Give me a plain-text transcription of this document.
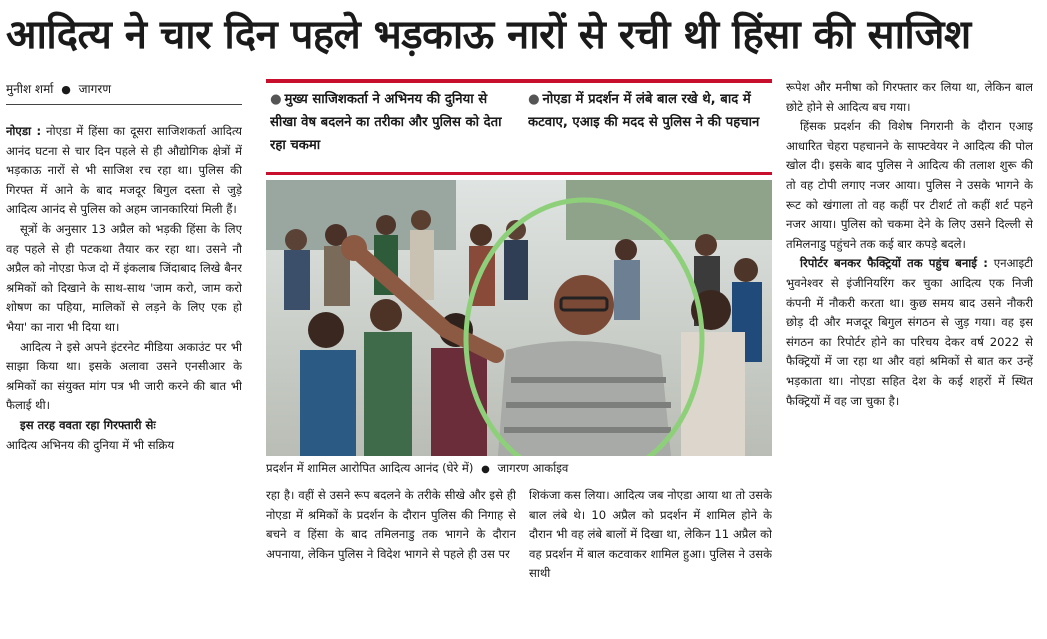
आदित्य ने चार दिन पहले भड़काऊ नारों से रची थी हिंसा की साजिश
मुनीश शर्मा ● जागरण

नोएडा : नोएडा में हिंसा का दूसरा साजिशकर्ता आदित्य आनंद घटना से चार दिन पहले से ही औद्योगिक क्षेत्रों में भड़काऊ नारों से भी साजिश रच रहा था। पुलिस की गिरफ्त में आने के बाद मजदूर बिगुल दस्ता से जुड़े आदित्य आनंद से पुलिस को अहम जानकारियां मिली हैं।

सूत्रों के अनुसार 13 अप्रैल को भड़की हिंसा के लिए वह पहले से ही पटकथा तैयार कर रहा था। उसने नौ अप्रैल को नोएडा फेज दो में इंकलाब जिंदाबाद लिखे बैनर श्रमिकों को दिखाने के साथ-साथ 'जाम करो, जाम करो शोषण का पहिया, मालिकों से लड़ने के लिए एक हो भैया' का नारा भी दिया था।

आदित्य ने इसे अपने इंटरनेट मीडिया अकाउंट पर भी साझा किया था। इसके अलावा उसने एनसीआर के श्रमिकों का संयुक्त मांग पत्र भी जारी करने की बात भी फैलाई थी।

इस तरह ववता रहा गिरफ्तारी सेः

आदित्य अभिनय की दुनिया में भी सक्रिय

● मुख्य साजिशकर्ता ने अभिनय की दुनिया से सीखा वेष बदलने का तरीका और पुलिस को देता रहा चकमा
● नोएडा में प्रदर्शन में लंबे बाल रखे थे, बाद में कटवाए, एआइ की मदद से पुलिस ने की पहचान
प्रदर्शन में शामिल आरोपित आदित्य आनंद (घेरे में) ● जागरण आर्काइव

रहा है। वहीं से उसने रूप बदलने के तरीके सीखे और इसे ही नोएडा में श्रमिकों के प्रदर्शन के दौरान पुलिस की निगाह से बचने व हिंसा के बाद तमिलनाडु तक भागने के दौरान अपनाया, लेकिन पुलिस ने विदेश भागने से पहले ही उस पर

शिकंजा कस लिया। आदित्य जब नोएडा आया था तो उसके बाल लंबे थे। 10 अप्रैल को प्रदर्शन में शामिल होने के दौरान भी वह लंबे बालों में दिखा था, लेकिन 11 अप्रैल को वह प्रदर्शन में बाल कटवाकर शामिल हुआ। पुलिस ने उसके साथी

रूपेश और मनीषा को गिरफ्तार कर लिया था, लेकिन बाल छोटे होने से आदित्य बच गया।

हिंसक प्रदर्शन की विशेष निगरानी के दौरान एआइ आधारित चेहरा पहचानने के साफ्टवेयर ने आदित्य की पोल खोल दी। इसके बाद पुलिस ने आदित्य की तलाश शुरू की तो वह टोपी लगाए नजर आया। पुलिस ने उसके भागने के रूट को खंगाला तो वह कहीं पर टीशर्ट तो कहीं शर्ट पहने नजर आया। पुलिस को चकमा देने के लिए उसने दिल्ली से तमिलनाडु पहुंचने तक कई बार कपड़े बदले।

रिपोर्टर बनकर फैक्ट्रियों तक पहुंच बनाई : एनआइटी भुवनेश्वर से इंजीनियरिंग कर चुका आदित्य एक निजी कंपनी में नौकरी करता था। कुछ समय बाद उसने नौकरी छोड़ दी और मजदूर बिगुल संगठन से जुड़ गया। वह इस संगठन का रिपोर्टर होने का परिचय देकर वर्ष 2022 से फैक्ट्रियों में जा रहा था और वहां श्रमिकों से बात कर उन्हें भड़काता था। नोएडा सहित देश के कई शहरों में स्थित फैक्ट्रियों में वह जा चुका है।
